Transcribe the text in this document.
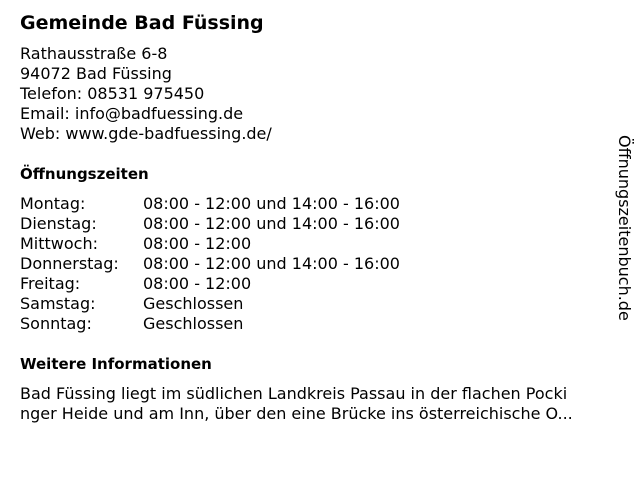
Gemeinde Bad Füssing
Rathausstraße 6-8
94072 Bad Füssing
Telefon: 08531 975450
Email: info@badfuessing.de
Web: www.gde-badfuessing.de/
Öffnungszeiten
Montag:	08:00 - 12:00 und 14:00 - 16:00
Dienstag:	08:00 - 12:00 und 14:00 - 16:00
Mittwoch:	08:00 - 12:00
Donnerstag:	08:00 - 12:00 und 14:00 - 16:00
Freitag:	08:00 - 12:00
Samstag:	Geschlossen
Sonntag:	Geschlossen
Weitere Informationen
Bad Füssing liegt im südlichen Landkreis Passau in der flachen Pocki
nger Heide und am Inn, über den eine Brücke ins österreichische O...
Öffnungszeitenbuch.de
